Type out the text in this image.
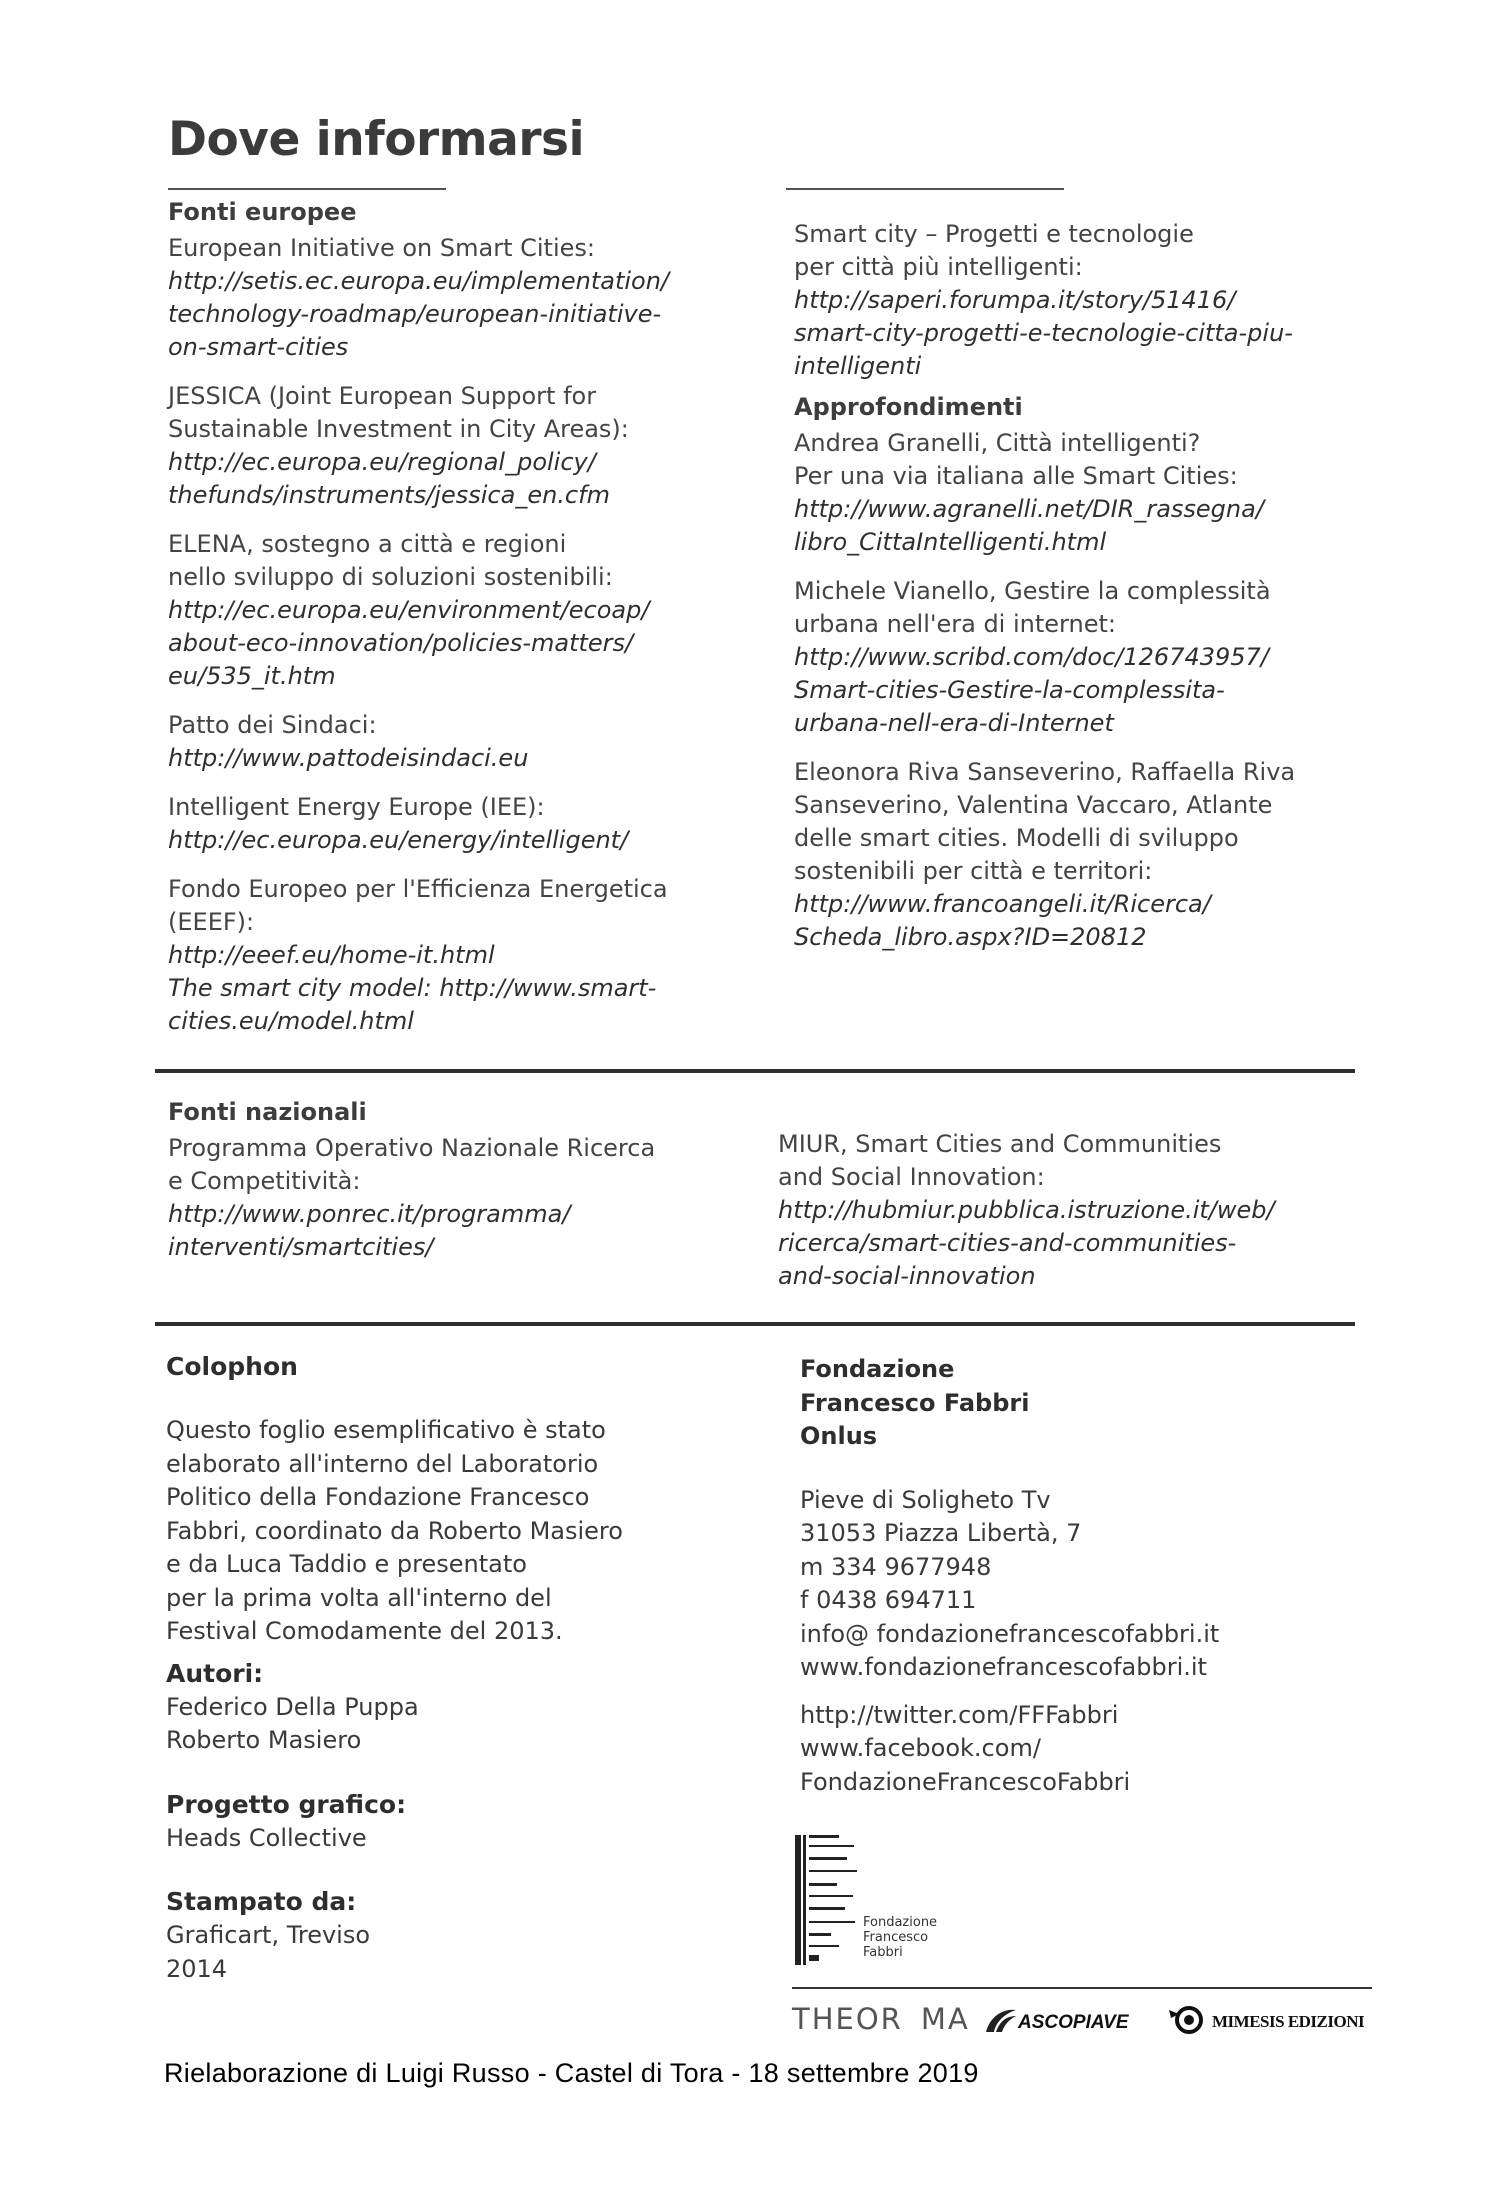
Dove informarsi
Fonti europee
European Initiative on Smart Cities:
http://setis.ec.europa.eu/implementation/
technology-roadmap/european-initiative-
on-smart-cities
JESSICA (Joint European Support for
Sustainable Investment in City Areas):
http://ec.europa.eu/regional_policy/
thefunds/instruments/jessica_en.cfm
ELENA, sostegno a città e regioni
nello sviluppo di soluzioni sostenibili:
http://ec.europa.eu/environment/ecoap/
about-eco-innovation/policies-matters/
eu/535_it.htm
Patto dei Sindaci:
http://www.pattodeisindaci.eu
Intelligent Energy Europe (IEE):
http://ec.europa.eu/energy/intelligent/
Fondo Europeo per l'Efficienza Energetica
(EEEF):
http://eeef.eu/home-it.html
The smart city model: http://www.smart-
cities.eu/model.html
Smart city – Progetti e tecnologie
per città più intelligenti:
http://saperi.forumpa.it/story/51416/
smart-city-progetti-e-tecnologie-citta-piu-
intelligenti
Approfondimenti
Andrea Granelli, Città intelligenti?
Per una via italiana alle Smart Cities:
http://www.agranelli.net/DIR_rassegna/
libro_CittaIntelligenti.html
Michele Vianello, Gestire la complessità
urbana nell'era di internet:
http://www.scribd.com/doc/126743957/
Smart-cities-Gestire-la-complessita-
urbana-nell-era-di-Internet
Eleonora Riva Sanseverino, Raffaella Riva
Sanseverino, Valentina Vaccaro, Atlante
delle smart cities. Modelli di sviluppo
sostenibili per città e territori:
http://www.francoangeli.it/Ricerca/
Scheda_libro.aspx?ID=20812
Fonti nazionali
Programma Operativo Nazionale Ricerca
e Competitività:
http://www.ponrec.it/programma/
interventi/smartcities/
MIUR, Smart Cities and Communities
and Social Innovation:
http://hubmiur.pubblica.istruzione.it/web/
ricerca/smart-cities-and-communities-
and-social-innovation
Colophon
Questo foglio esemplificativo è stato
elaborato all'interno del Laboratorio
Politico della Fondazione Francesco
Fabbri, coordinato da Roberto Masiero
e da Luca Taddio e presentato
per la prima volta all'interno del
Festival Comodamente del 2013.
Autori:
Federico Della Puppa
Roberto Masiero
Progetto grafico:
Heads Collective
Stampato da:
Graficart, Treviso
2014
Fondazione
Francesco Fabbri
Onlus
Pieve di Soligheto Tv
31053 Piazza Libertà, 7
m 334 9677948
f 0438 694711
info@ fondazionefrancescofabbri.it
www.fondazionefrancescofabbri.it
http://twitter.com/FFFabbri
www.facebook.com/
FondazioneFrancescoFabbri
Fondazione
Francesco
Fabbri
THEOR MA	ASCOPIAVE	MIMESIS EDIZIONI
Rielaborazione di Luigi Russo - Castel di Tora - 18 settembre 2019
